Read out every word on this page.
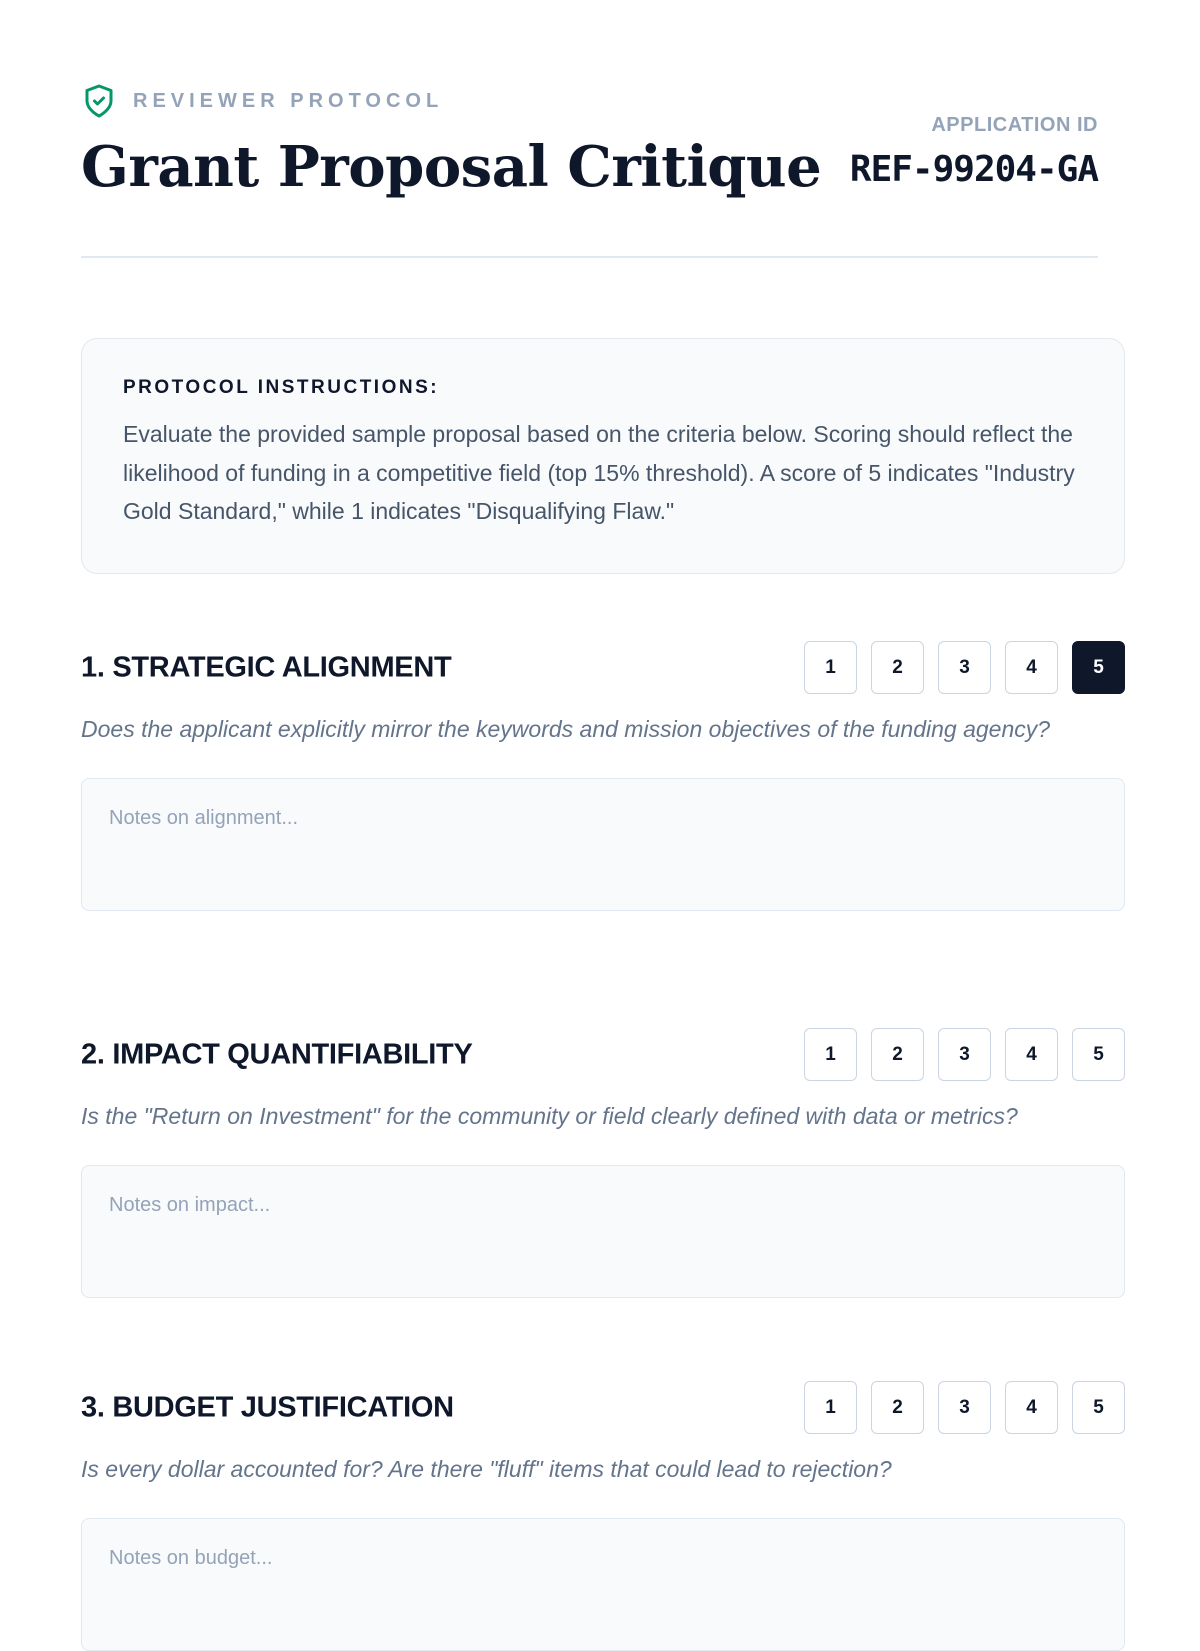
REVIEWER PROTOCOL
Grant Proposal Critique
APPLICATION ID
REF-99204-GA
PROTOCOL INSTRUCTIONS:
Evaluate the provided sample proposal based on the criteria below. Scoring should reflect the likelihood of funding in a competitive field (top 15% threshold). A score of 5 indicates "Industry Gold Standard," while 1 indicates "Disqualifying Flaw."
1. STRATEGIC ALIGNMENT	1	2	3	4	5
Does the applicant explicitly mirror the keywords and mission objectives of the funding agency?
Notes on alignment...
2. IMPACT QUANTIFIABILITY	1	2	3	4	5
Is the "Return on Investment" for the community or field clearly defined with data or metrics?
Notes on impact...
3. BUDGET JUSTIFICATION	1	2	3	4	5
Is every dollar accounted for? Are there "fluff" items that could lead to rejection?
Notes on budget...
